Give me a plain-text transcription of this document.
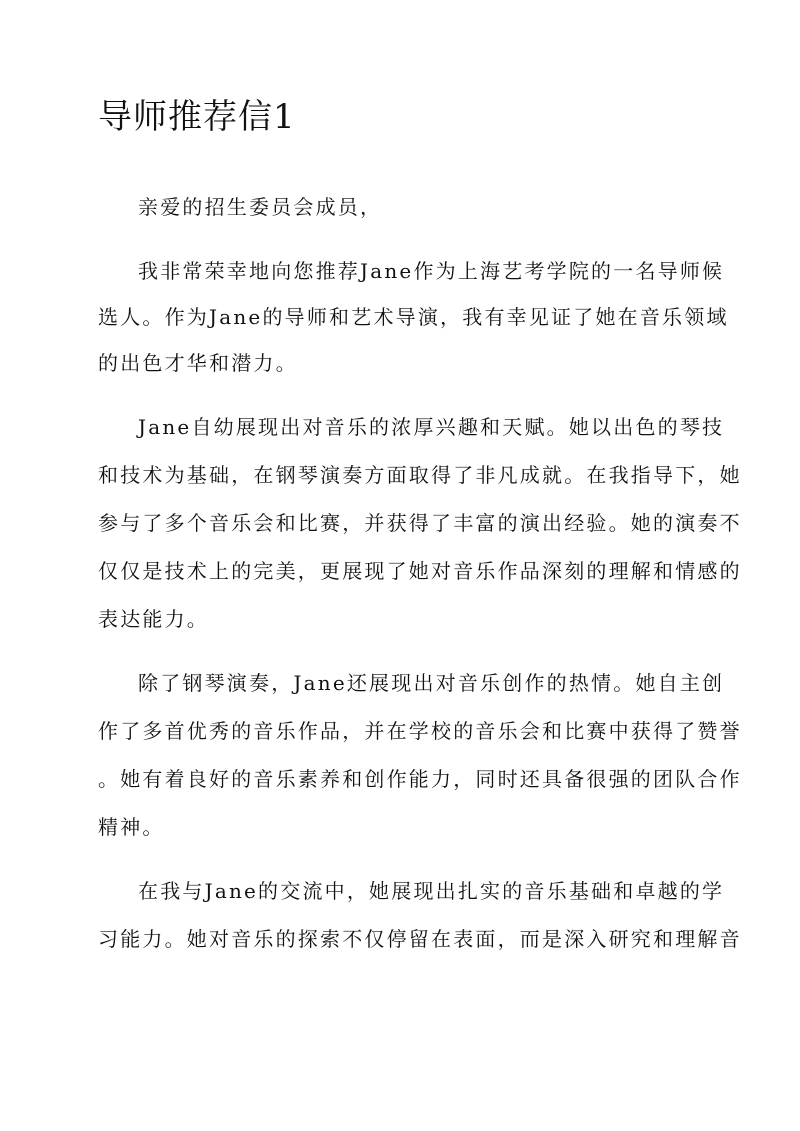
导师推荐信1

亲爱的招生委员会成员，

我非常荣幸地向您推荐Jane作为上海艺考学院的一名导师候

选人。作为Jane的导师和艺术导演，我有幸见证了她在音乐领域

的出色才华和潜力。

Jane自幼展现出对音乐的浓厚兴趣和天赋。她以出色的琴技

和技术为基础，在钢琴演奏方面取得了非凡成就。在我指导下，她

参与了多个音乐会和比赛，并获得了丰富的演出经验。她的演奏不

仅仅是技术上的完美，更展现了她对音乐作品深刻的理解和情感的

表达能力。

除了钢琴演奏，Jane还展现出对音乐创作的热情。她自主创

作了多首优秀的音乐作品，并在学校的音乐会和比赛中获得了赞誉

。她有着良好的音乐素养和创作能力，同时还具备很强的团队合作

精神。

在我与Jane的交流中，她展现出扎实的音乐基础和卓越的学

习能力。她对音乐的探索不仅停留在表面，而是深入研究和理解音
